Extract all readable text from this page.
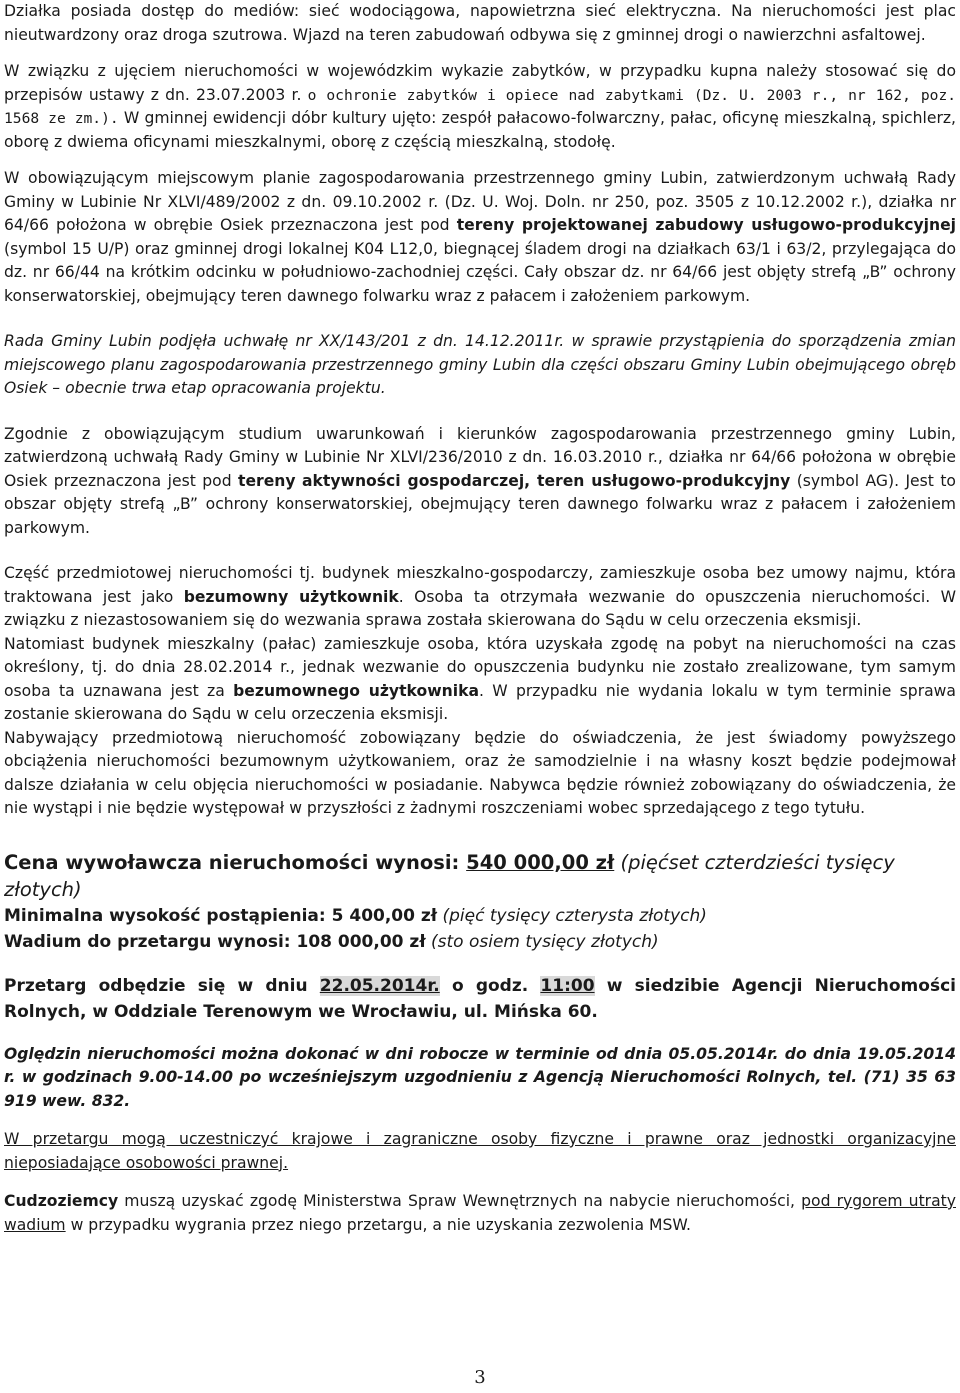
Działka posiada dostęp do mediów: sieć wodociągowa, napowietrzna sieć elektryczna. Na nieruchomości jest plac nieutwardzony oraz droga szutrowa. Wjazd na teren zabudowań odbywa się z gminnej drogi o nawierzchni asfaltowej.

W związku z ujęciem nieruchomości w wojewódzkim wykazie zabytków, w przypadku kupna należy stosować się do przepisów ustawy z dn. 23.07.2003 r. o ochronie zabytków i opiece nad zabytkami (Dz. U. 2003 r., nr 162, poz. 1568 ze zm.). W gminnej ewidencji dóbr kultury ujęto: zespół pałacowo-folwarczny, pałac, oficynę mieszkalną, spichlerz, oborę z dwiema oficynami mieszkalnymi, oborę z częścią mieszkalną, stodołę.

W obowiązującym miejscowym planie zagospodarowania przestrzennego gminy Lubin, zatwierdzonym uchwałą Rady Gminy w Lubinie Nr XLVI/489/2002 z dn. 09.10.2002 r. (Dz. U. Woj. Doln. nr 250, poz. 3505 z 10.12.2002 r.), działka nr 64/66 położona w obrębie Osiek przeznaczona jest pod tereny projektowanej zabudowy usługowo-produkcyjnej (symbol 15 U/P) oraz gminnej drogi lokalnej K04 L12,0, biegnącej śladem drogi na działkach 63/1 i 63/2, przylegająca do dz. nr 66/44 na krótkim odcinku w południowo-zachodniej części. Cały obszar dz. nr 64/66 jest objęty strefą „B” ochrony konserwatorskiej, obejmujący teren dawnego folwarku wraz z pałacem i założeniem parkowym.

Rada Gminy Lubin podjęła uchwałę nr XX/143/201 z dn. 14.12.2011r. w sprawie przystąpienia do sporządzenia zmian miejscowego planu zagospodarowania przestrzennego gminy Lubin dla części obszaru Gminy Lubin obejmującego obręb Osiek – obecnie trwa etap opracowania projektu.

Zgodnie z obowiązującym studium uwarunkowań i kierunków zagospodarowania przestrzennego gminy Lubin, zatwierdzoną uchwałą Rady Gminy w Lubinie Nr XLVI/236/2010 z dn. 16.03.2010 r., działka nr 64/66 położona w obrębie Osiek przeznaczona jest pod tereny aktywności gospodarczej, teren usługowo-produkcyjny (symbol AG). Jest to obszar objęty strefą „B” ochrony konserwatorskiej, obejmujący teren dawnego folwarku wraz z pałacem i założeniem parkowym.

Część przedmiotowej nieruchomości tj. budynek mieszkalno-gospodarczy, zamieszkuje osoba bez umowy najmu, która traktowana jest jako bezumowny użytkownik. Osoba ta otrzymała wezwanie do opuszczenia nieruchomości. W związku z niezastosowaniem się do wezwania sprawa została skierowana do Sądu w celu orzeczenia eksmisji.

Natomiast budynek mieszkalny (pałac) zamieszkuje osoba, która uzyskała zgodę na pobyt na nieruchomości na czas określony, tj. do dnia 28.02.2014 r., jednak wezwanie do opuszczenia budynku nie zostało zrealizowane, tym samym osoba ta uznawana jest za bezumownego użytkownika. W przypadku nie wydania lokalu w tym terminie sprawa zostanie skierowana do Sądu w celu orzeczenia eksmisji.

Nabywający przedmiotową nieruchomość zobowiązany będzie do oświadczenia, że jest świadomy powyższego obciążenia nieruchomości bezumownym użytkowaniem, oraz że samodzielnie i na własny koszt będzie podejmował dalsze działania w celu objęcia nieruchomości w posiadanie. Nabywca będzie również zobowiązany do oświadczenia, że nie wystąpi i nie będzie występował w przyszłości z żadnymi roszczeniami wobec sprzedającego z tego tytułu.

Cena wywoławcza nieruchomości wynosi: 540 000,00 zł (pięćset czterdzieści tysięcy złotych)

Minimalna wysokość postąpienia: 5 400,00 zł (pięć tysięcy czterysta złotych)

Wadium do przetargu wynosi: 108 000,00 zł (sto osiem tysięcy złotych)

Przetarg odbędzie się w dniu 22.05.2014r. o godz. 11:00 w siedzibie Agencji Nieruchomości Rolnych, w Oddziale Terenowym we Wrocławiu, ul. Mińska 60.

Oględzin nieruchomości można dokonać w dni robocze w terminie od dnia 05.05.2014r. do dnia 19.05.2014 r. w godzinach 9.00-14.00 po wcześniejszym uzgodnieniu z Agencją Nieruchomości Rolnych, tel. (71) 35 63 919 wew. 832.

W przetargu mogą uczestniczyć krajowe i zagraniczne osoby fizyczne i prawne oraz jednostki organizacyjne nieposiadające osobowości prawnej.

Cudzoziemcy muszą uzyskać zgodę Ministerstwa Spraw Wewnętrznych na nabycie nieruchomości, pod rygorem utraty wadium w przypadku wygrania przez niego przetargu, a nie uzyskania zezwolenia MSW.

3
